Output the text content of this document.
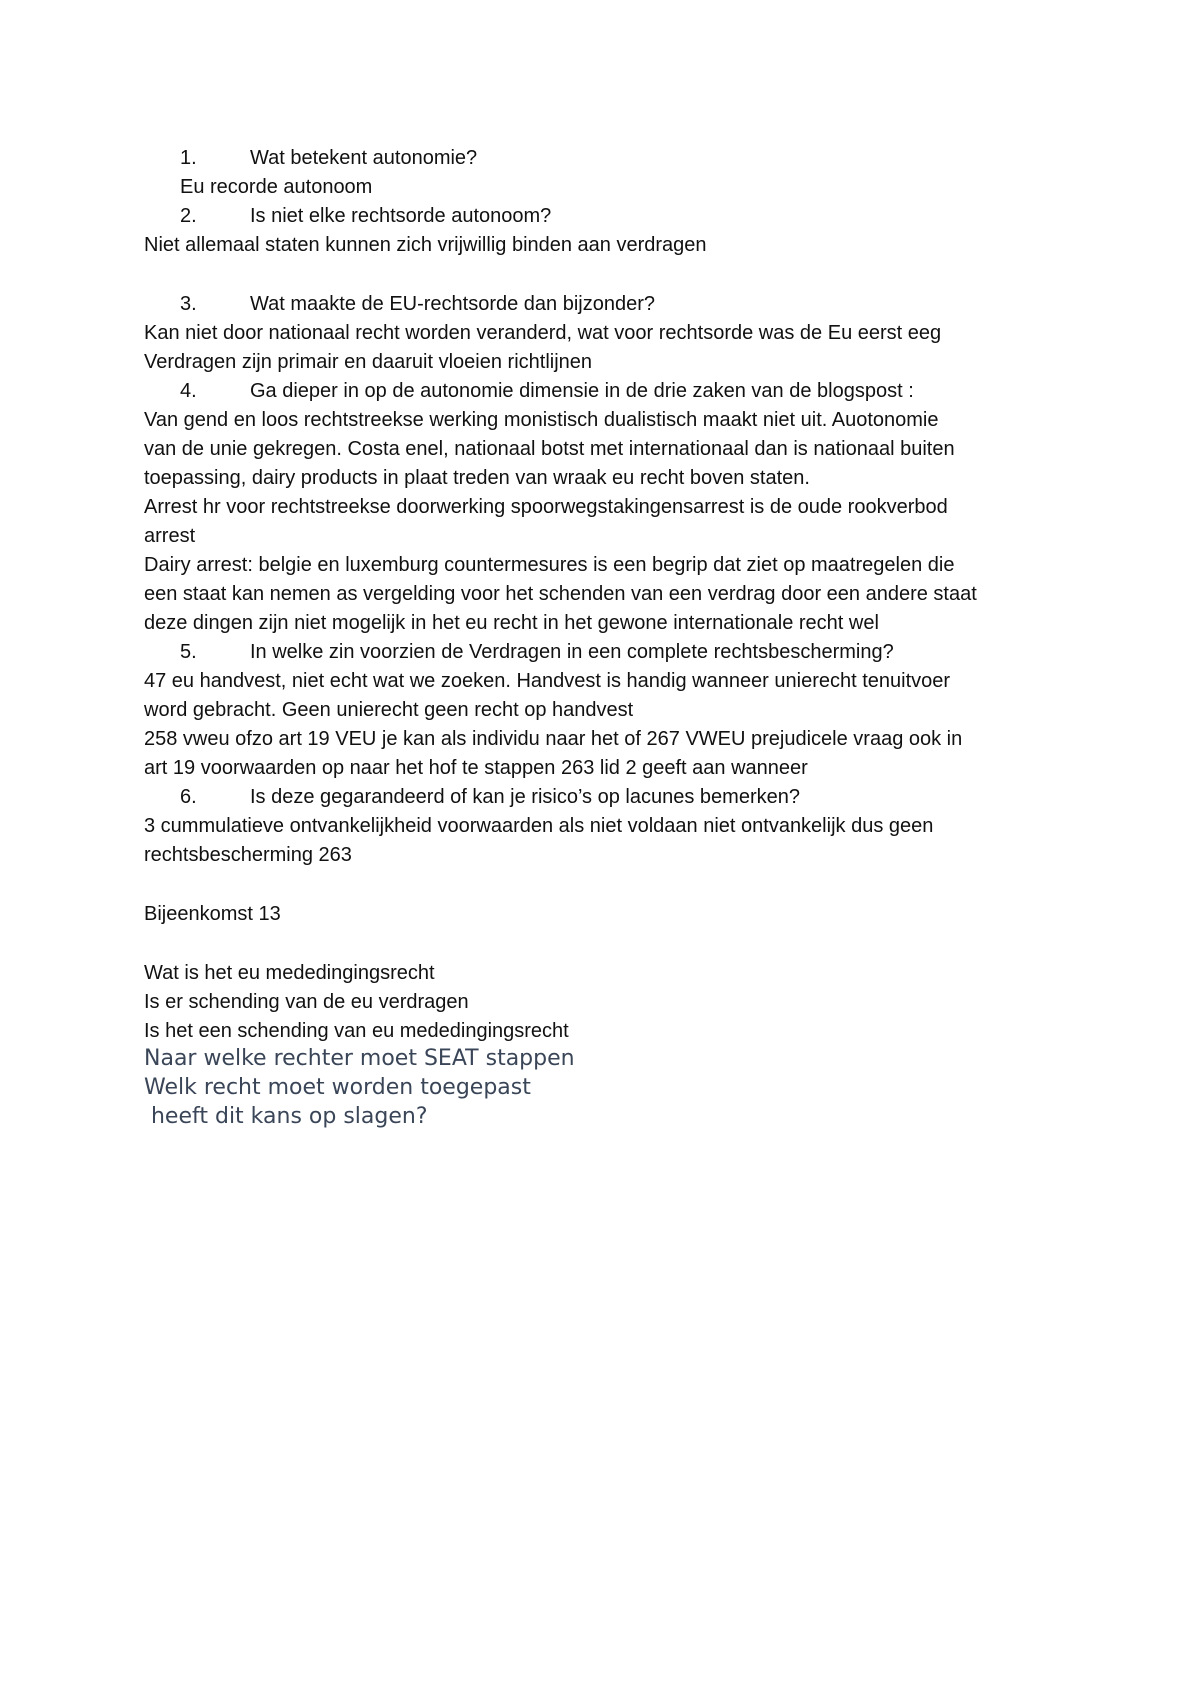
1.	Wat betekent autonomie?

Eu recorde autonoom

2.	Is niet elke rechtsorde autonoom?

Niet allemaal staten kunnen zich vrijwillig binden aan verdragen

3.	Wat maakte de EU-rechtsorde dan bijzonder?

Kan niet door nationaal recht worden veranderd, wat voor rechtsorde was de Eu eerst eeg

Verdragen zijn primair en daaruit vloeien richtlijnen

4.	Ga dieper in op de autonomie dimensie in de drie zaken van de blogspost :

Van gend en loos rechtstreekse werking monistisch dualistisch maakt niet uit. Auotonomie

van de unie gekregen. Costa enel, nationaal botst met internationaal dan is nationaal buiten

toepassing, dairy products in plaat treden van wraak eu recht boven staten.

Arrest hr voor rechtstreekse doorwerking spoorwegstakingensarrest is de oude rookverbod

arrest

Dairy arrest: belgie en luxemburg countermesures is een begrip dat ziet op maatregelen die

een staat kan nemen as vergelding voor het schenden van een verdrag door een andere staat

deze dingen zijn niet mogelijk in het eu recht in het gewone internationale recht wel

5.	In welke zin voorzien de Verdragen in een complete rechtsbescherming?

47 eu handvest, niet echt wat we zoeken. Handvest is handig wanneer unierecht tenuitvoer

word gebracht. Geen unierecht geen recht op handvest

258 vweu ofzo art 19 VEU je kan als individu naar het of 267 VWEU prejudicele vraag ook in

art 19 voorwaarden op naar het hof te stappen 263 lid 2 geeft aan wanneer

6.	Is deze gegarandeerd of kan je risico’s op lacunes bemerken?

3 cummulatieve ontvankelijkheid voorwaarden als niet voldaan niet ontvankelijk dus geen

rechtsbescherming 263

Bijeenkomst 13

Wat is het eu mededingingsrecht

Is er schending van de eu verdragen

Is het een schending van eu mededingingsrecht

Naar welke rechter moet SEAT stappen

Welk recht moet worden toegepast

heeft dit kans op slagen?
